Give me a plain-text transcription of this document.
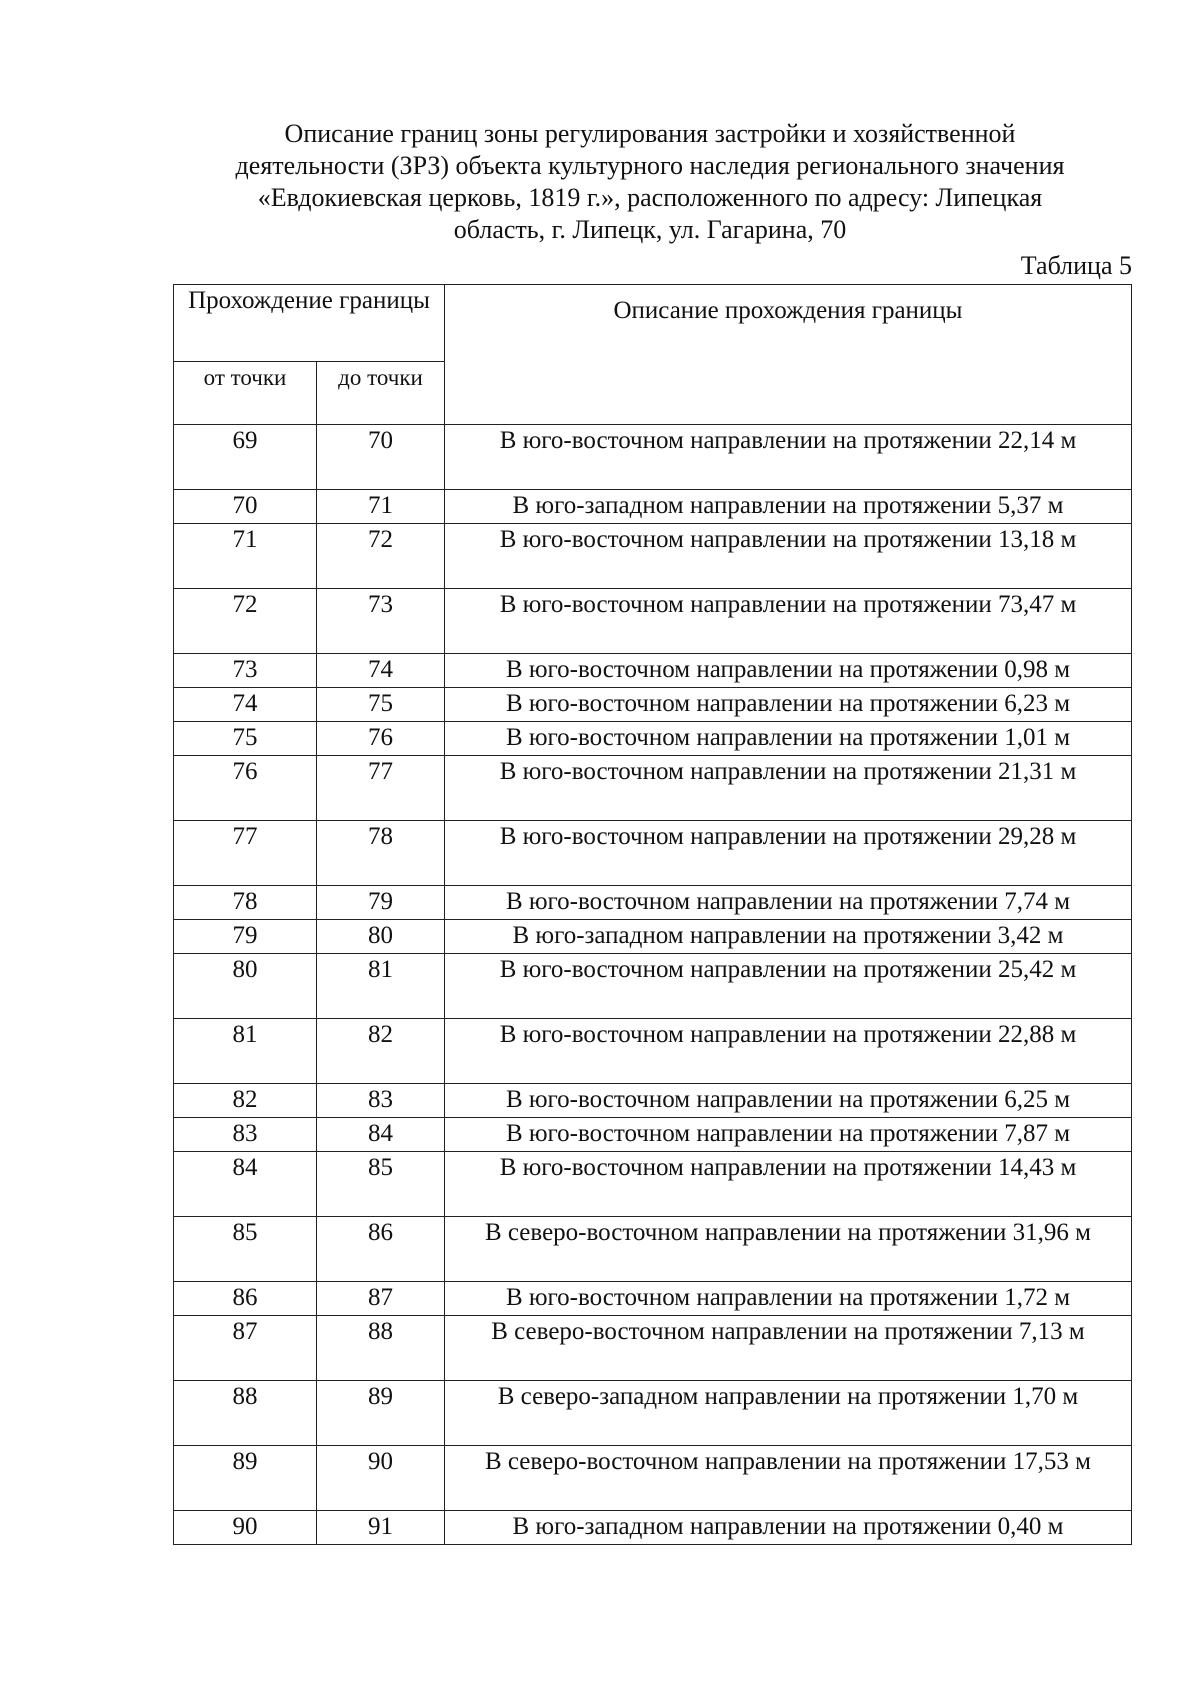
Описание границ зоны регулирования застройки и хозяйственной
деятельности (ЗРЗ) объекта культурного наследия регионального значения
«Евдокиевская церковь, 1819 г.», расположенного по адресу: Липецкая
область, г. Липецк, ул. Гагарина, 70
Таблица 5
Прохождение границы		Описание прохождения границы
от точки	до точки	
69	70	В юго-восточном направлении на протяжении 22,14 м
70	71	В юго-западном направлении на протяжении 5,37 м
71	72	В юго-восточном направлении на протяжении 13,18 м
72	73	В юго-восточном направлении на протяжении 73,47 м
73	74	В юго-восточном направлении на протяжении 0,98 м
74	75	В юго-восточном направлении на протяжении 6,23 м
75	76	В юго-восточном направлении на протяжении 1,01 м
76	77	В юго-восточном направлении на протяжении 21,31 м
77	78	В юго-восточном направлении на протяжении 29,28 м
78	79	В юго-восточном направлении на протяжении 7,74 м
79	80	В юго-западном направлении на протяжении 3,42 м
80	81	В юго-восточном направлении на протяжении 25,42 м
81	82	В юго-восточном направлении на протяжении 22,88 м
82	83	В юго-восточном направлении на протяжении 6,25 м
83	84	В юго-восточном направлении на протяжении 7,87 м
84	85	В юго-восточном направлении на протяжении 14,43 м
85	86	В северо-восточном направлении на протяжении 31,96 м
86	87	В юго-восточном направлении на протяжении 1,72 м
87	88	В северо-восточном направлении на протяжении 7,13 м
88	89	В северо-западном направлении на протяжении 1,70 м
89	90	В северо-восточном направлении на протяжении 17,53 м
90	91	В юго-западном направлении на протяжении 0,40 м
